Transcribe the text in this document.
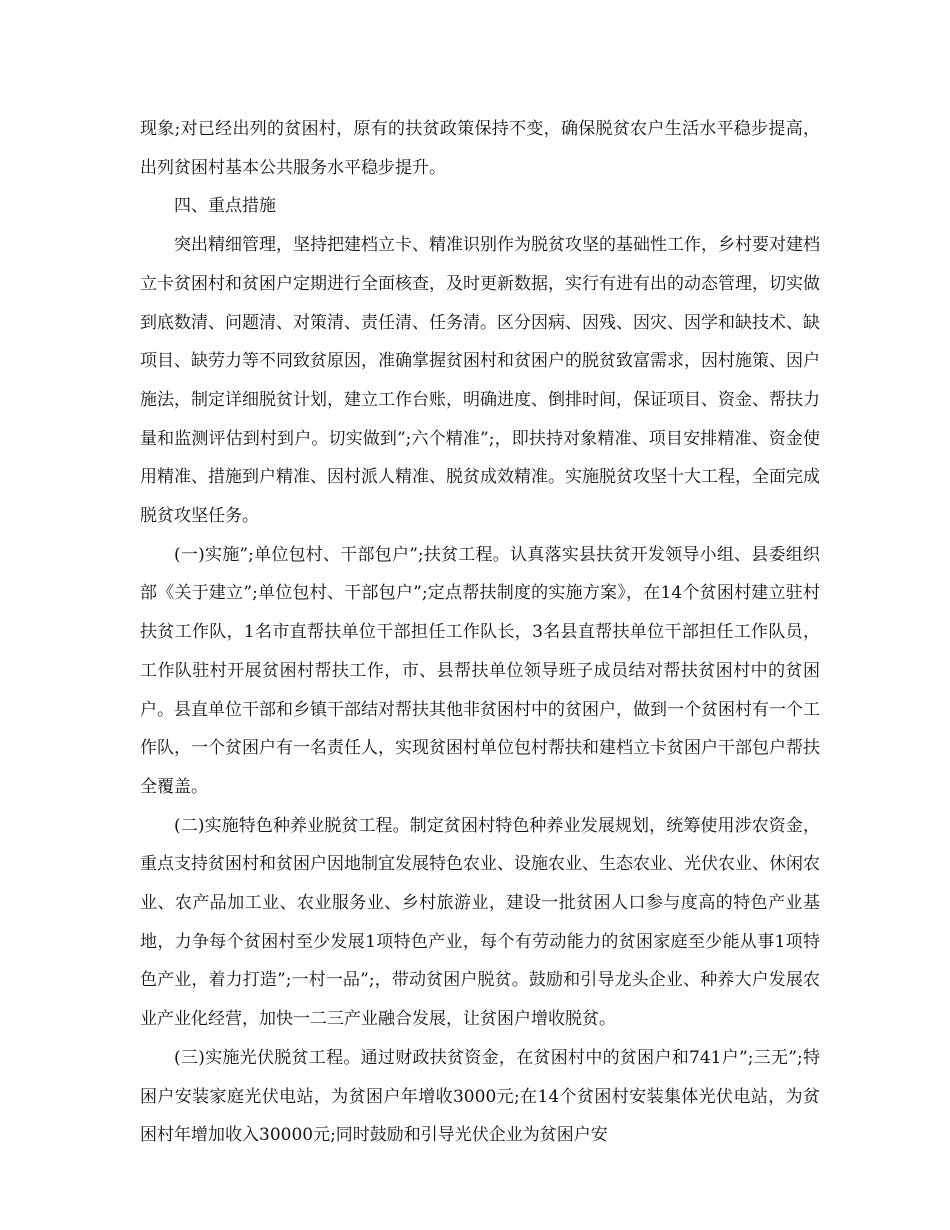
现象;对已经出列的贫困村，原有的扶贫政策保持不变，确保脱贫农户生活水平稳步提高，出列贫困村基本公共服务水平稳步提升。

四、重点措施

突出精细管理，坚持把建档立卡、精准识别作为脱贫攻坚的基础性工作，乡村要对建档立卡贫困村和贫困户定期进行全面核查，及时更新数据，实行有进有出的动态管理，切实做到底数清、问题清、对策清、责任清、任务清。区分因病、因残、因灾、因学和缺技术、缺项目、缺劳力等不同致贫原因，准确掌握贫困村和贫困户的脱贫致富需求，因村施策、因户施法，制定详细脱贫计划，建立工作台账，明确进度、倒排时间，保证项目、资金、帮扶力量和监测评估到村到户。切实做到”;六个精准”;，即扶持对象精准、项目安排精准、资金使用精准、措施到户精准、因村派人精准、脱贫成效精准。实施脱贫攻坚十大工程，全面完成脱贫攻坚任务。

(一)实施”;单位包村、干部包户”;扶贫工程。认真落实县扶贫开发领导小组、县委组织部《关于建立”;单位包村、干部包户”;定点帮扶制度的实施方案》，在14个贫困村建立驻村扶贫工作队，1名市直帮扶单位干部担任工作队长，3名县直帮扶单位干部担任工作队员，工作队驻村开展贫困村帮扶工作，市、县帮扶单位领导班子成员结对帮扶贫困村中的贫困户。县直单位干部和乡镇干部结对帮扶其他非贫困村中的贫困户，做到一个贫困村有一个工作队，一个贫困户有一名责任人，实现贫困村单位包村帮扶和建档立卡贫困户干部包户帮扶全覆盖。

(二)实施特色种养业脱贫工程。制定贫困村特色种养业发展规划，统筹使用涉农资金，重点支持贫困村和贫困户因地制宜发展特色农业、设施农业、生态农业、光伏农业、休闲农业、农产品加工业、农业服务业、乡村旅游业，建设一批贫困人口参与度高的特色产业基地，力争每个贫困村至少发展1项特色产业，每个有劳动能力的贫困家庭至少能从事1项特色产业，着力打造”;一村一品”;，带动贫困户脱贫。鼓励和引导龙头企业、种养大户发展农业产业化经营，加快一二三产业融合发展，让贫困户增收脱贫。

(三)实施光伏脱贫工程。通过财政扶贫资金，在贫困村中的贫困户和741户”;三无”;特困户安装家庭光伏电站，为贫困户年增收3000元;在14个贫困村安装集体光伏电站，为贫困村年增加收入30000元;同时鼓励和引导光伏企业为贫困户安
